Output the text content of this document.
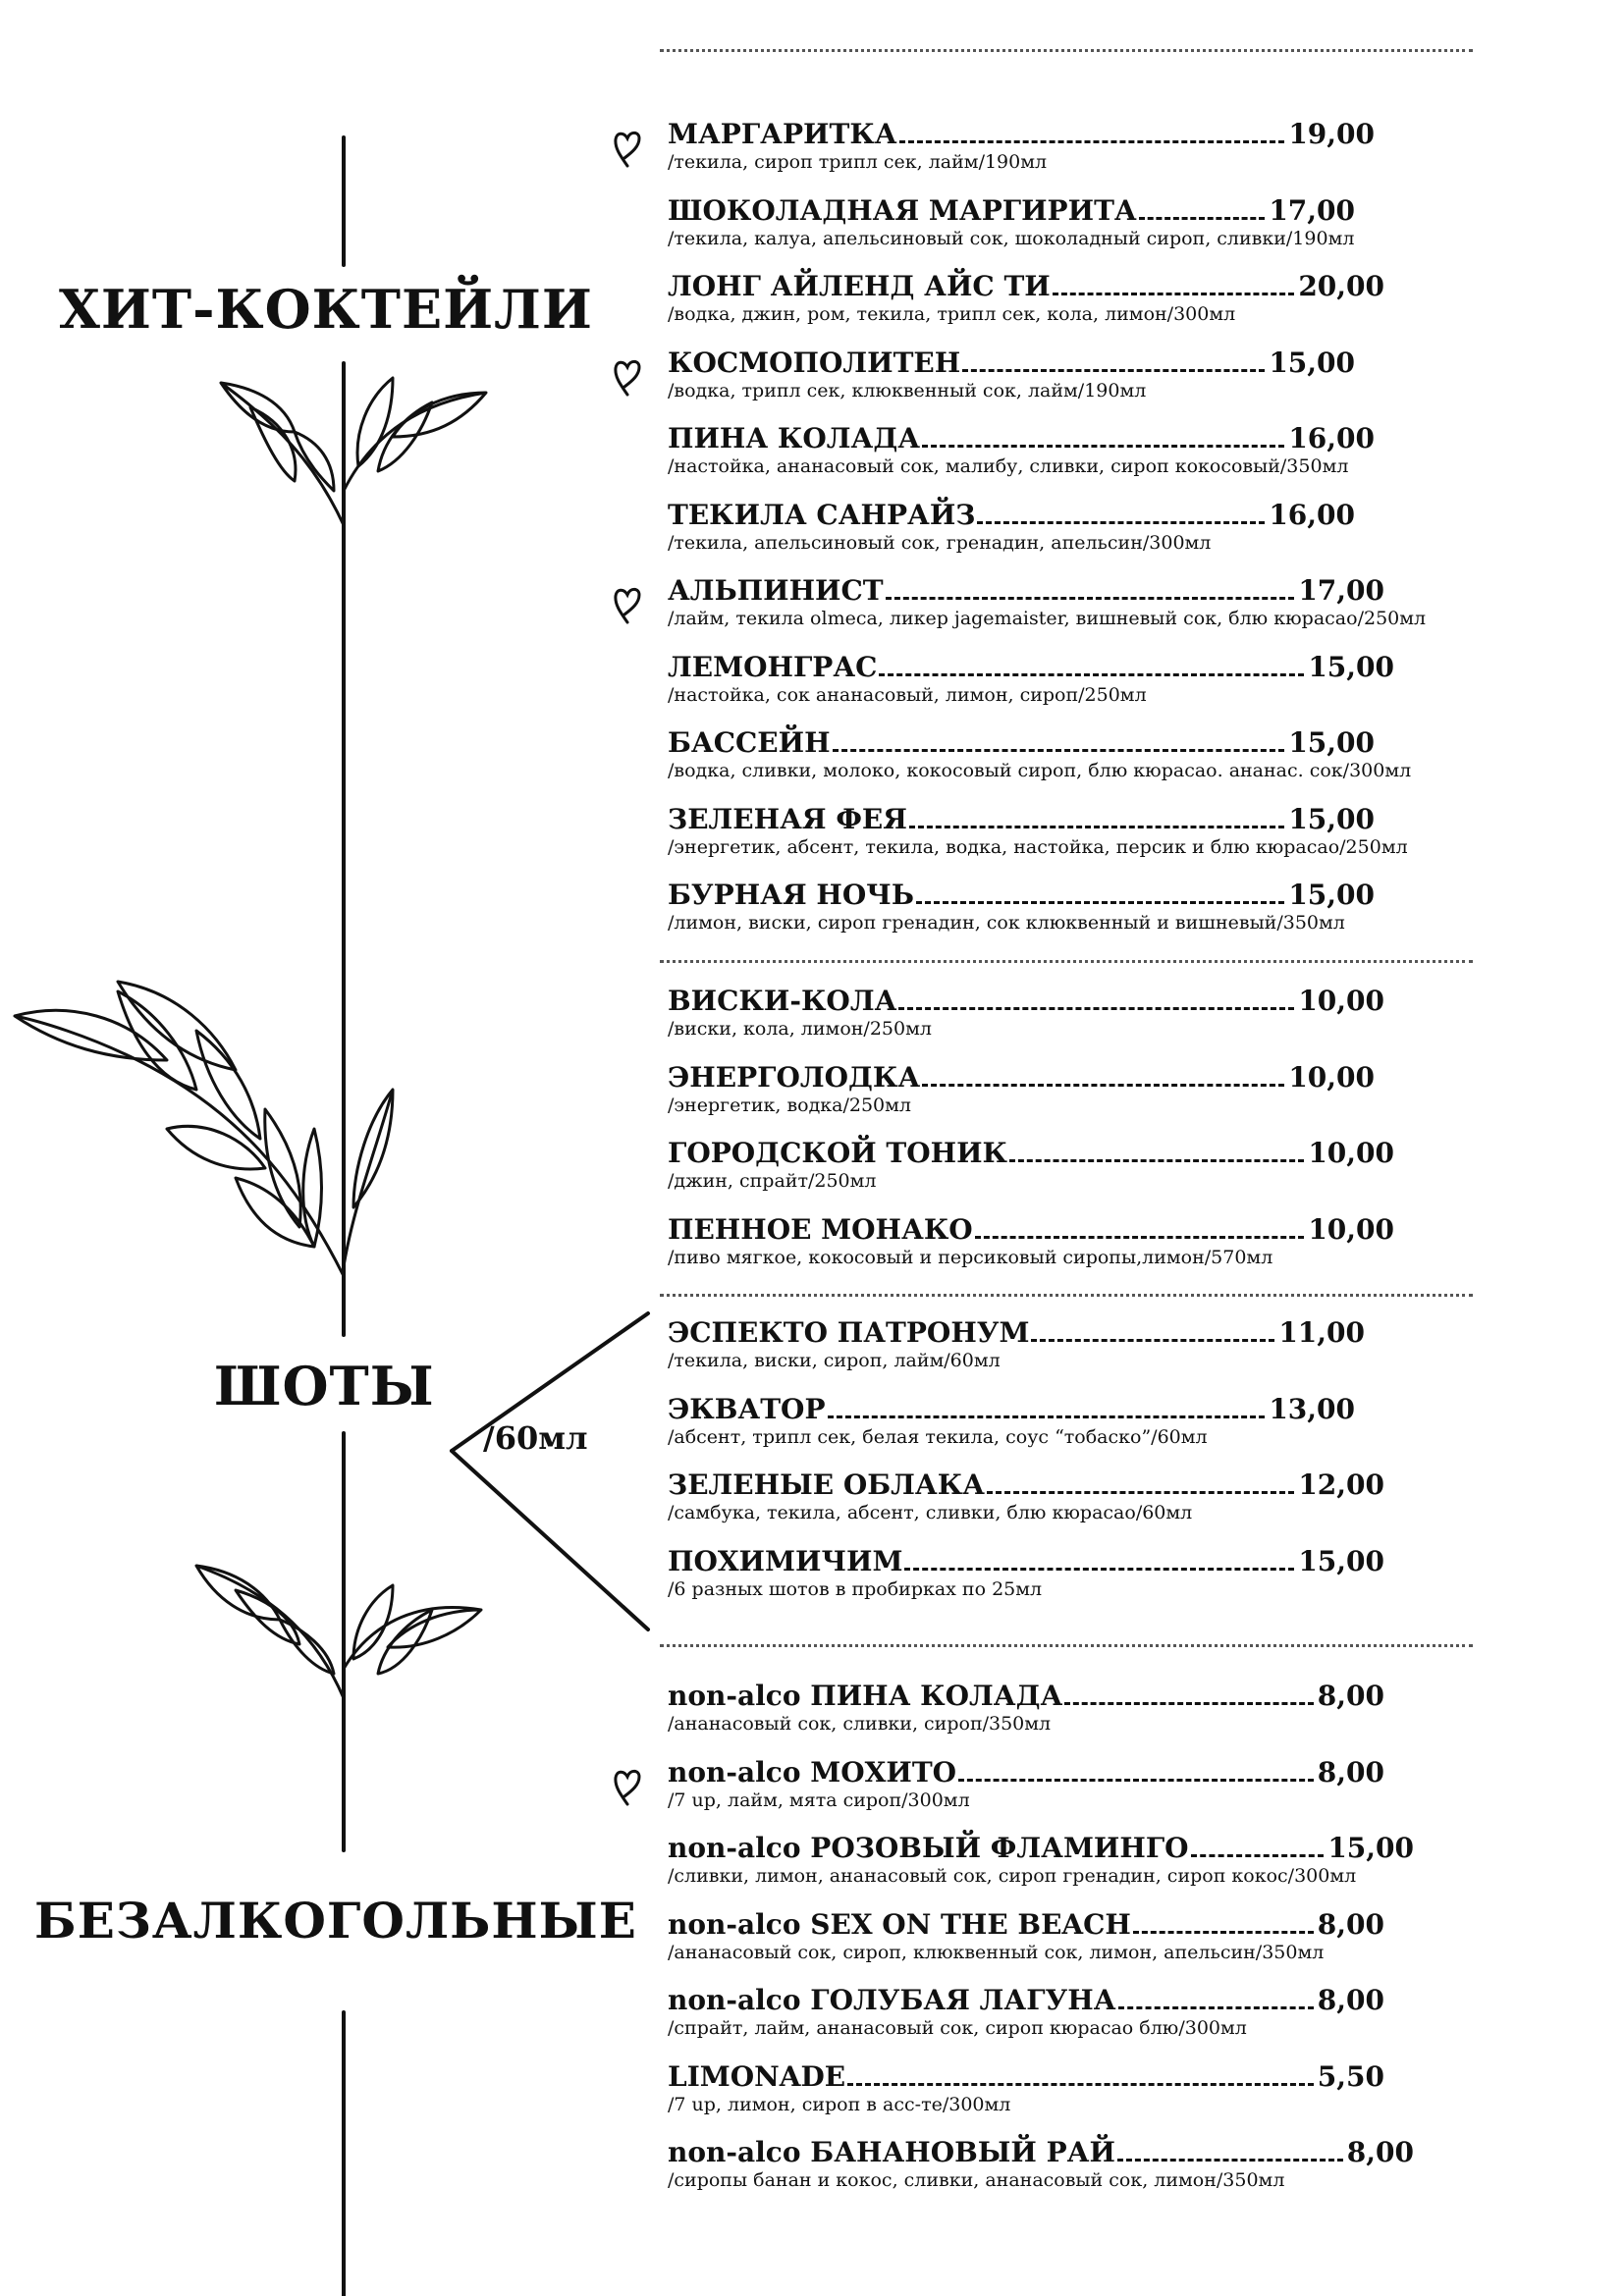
ХИТ-КОКТЕЙЛИ
ШОТЫ
/60мл
БЕЗАЛКОГОЛЬНЫЕ
МАРГАРИТКА	19,00
/текила, сироп трипл сек, лайм/190мл
ШОКОЛАДНАЯ МАРГИРИТА	17,00
/текила, калуа, апельсиновый сок, шоколадный сироп, сливки/190мл
ЛОНГ АЙЛЕНД АЙС ТИ	20,00
/водка, джин, ром, текила, трипл сек, кола, лимон/300мл
КОСМОПОЛИТЕН	15,00
/водка, трипл сек, клюквенный сок, лайм/190мл
ПИНА КОЛАДА	16,00
/настойка, ананасовый сок, малибу, сливки, сироп кокосовый/350мл
ТЕКИЛА САНРАЙЗ	16,00
/текила, апельсиновый сок, гренадин, апельсин/300мл
АЛЬПИНИСТ	17,00
/лайм, текила olmeca, ликер jagemaister, вишневый сок, блю кюрасао/250мл
ЛЕМОНГРАС	15,00
/настойка, сок ананасовый, лимон, сироп/250мл
БАССЕЙН	15,00
/водка, сливки, молоко, кокосовый сироп, блю кюрасао. ананас. сок/300мл
ЗЕЛЕНАЯ ФЕЯ	15,00
/энергетик, абсент, текила, водка, настойка, персик и блю кюрасао/250мл
БУРНАЯ НОЧЬ	15,00
/лимон, виски, сироп гренадин, сок клюквенный и вишневый/350мл
ВИСКИ-КОЛА	10,00
/виски, кола, лимон/250мл
ЭНЕРГОЛОДКА	10,00
/энергетик, водка/250мл
ГОРОДСКОЙ ТОНИК	10,00
/джин, спрайт/250мл
ПЕННОЕ МОНАКО	10,00
/пиво мягкое, кокосовый и персиковый сиропы,лимон/570мл
ЭСПЕКТО ПАТРОНУМ	11,00
/текила, виски, сироп, лайм/60мл
ЭКВАТОР	13,00
/абсент, трипл сек, белая текила, соус “тобаско”/60мл
ЗЕЛЕНЫЕ ОБЛАКА	12,00
/самбука, текила, абсент, сливки, блю кюрасао/60мл
ПОХИМИЧИМ	15,00
/6 разных шотов в пробирках по 25мл
non-alco ПИНА КОЛАДА	8,00
/ананасовый сок, сливки, сироп/350мл
non-alco МОХИТО	8,00
/7 up, лайм, мята сироп/300мл
non-alco РОЗОВЫЙ ФЛАМИНГО	15,00
/сливки, лимон, ананасовый сок, сироп гренадин, сироп кокос/300мл
non-alco SEX ON THE BEACH	8,00
/ананасовый сок, сироп, клюквенный сок, лимон, апельсин/350мл
non-alco ГОЛУБАЯ ЛАГУНА	8,00
/спрайт, лайм, ананасовый сок, сироп кюрасао блю/300мл
LIMONADE	5,50
/7 up, лимон, сироп в асс-те/300мл
non-alco БАНАНОВЫЙ РАЙ	8,00
/сиропы банан и кокос, сливки, ананасовый сок, лимон/350мл
